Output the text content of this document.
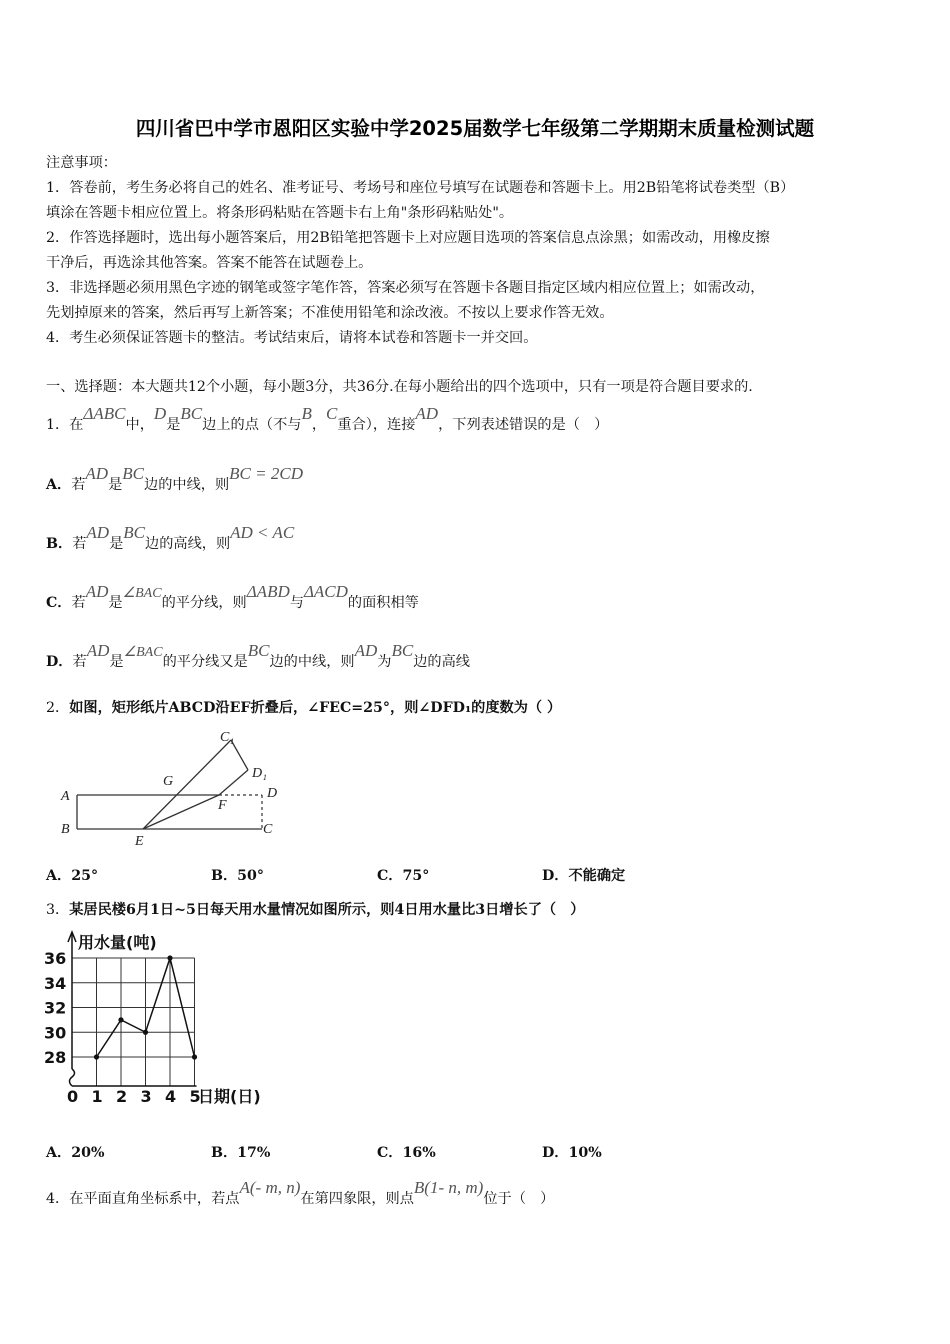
四川省巴中学市恩阳区实验中学2025届数学七年级第二学期期末质量检测试题
注意事项：
1．答卷前，考生务必将自己的姓名、准考证号、考场号和座位号填写在试题卷和答题卡上。用2B铅笔将试卷类型（B）
填涂在答题卡相应位置上。将条形码粘贴在答题卡右上角"条形码粘贴处"。
2．作答选择题时，选出每小题答案后，用2B铅笔把答题卡上对应题目选项的答案信息点涂黑；如需改动，用橡皮擦
干净后，再选涂其他答案。答案不能答在试题卷上。
3．非选择题必须用黑色字迹的钢笔或签字笔作答，答案必须写在答题卡各题目指定区域内相应位置上；如需改动，
先划掉原来的答案，然后再写上新答案；不准使用铅笔和涂改液。不按以上要求作答无效。
4．考生必须保证答题卡的整洁。考试结束后，请将本试卷和答题卡一并交回。
一、选择题：本大题共12个小题，每小题3分，共36分.在每小题给出的四个选项中，只有一项是符合题目要求的.
1．在ΔABC中，D是BC边上的点（不与B，C重合），连接AD，下列表述错误的是（　）
A．若AD是BC边的中线，则BC = 2CD
B．若AD是BC边的高线，则AD < AC
C．若AD是∠BAC的平分线，则ΔABD与ΔACD的面积相等
D．若AD是∠BAC的平分线又是BC边的中线，则AD为BC边的高线
2．如图，矩形纸片ABCD沿EF折叠后，∠FEC=25°，则∠DFD₁的度数为（ ）
A
B
E
F
G
D
C
C₁
D₁
A．25°	B．50°	C．75°	D．不能确定
3．某居民楼6月1日~5日每天用水量情况如图所示，则4日用水量比3日增长了（　）
28
30
32
34
36
0 1 2 3 4 5
用水量(吨)
日期(日)
A．20%	B．17%	C．16%	D．10%
4．在平面直角坐标系中，若点A(- m, n)在第四象限，则点B(1- n, m)位于（　）
